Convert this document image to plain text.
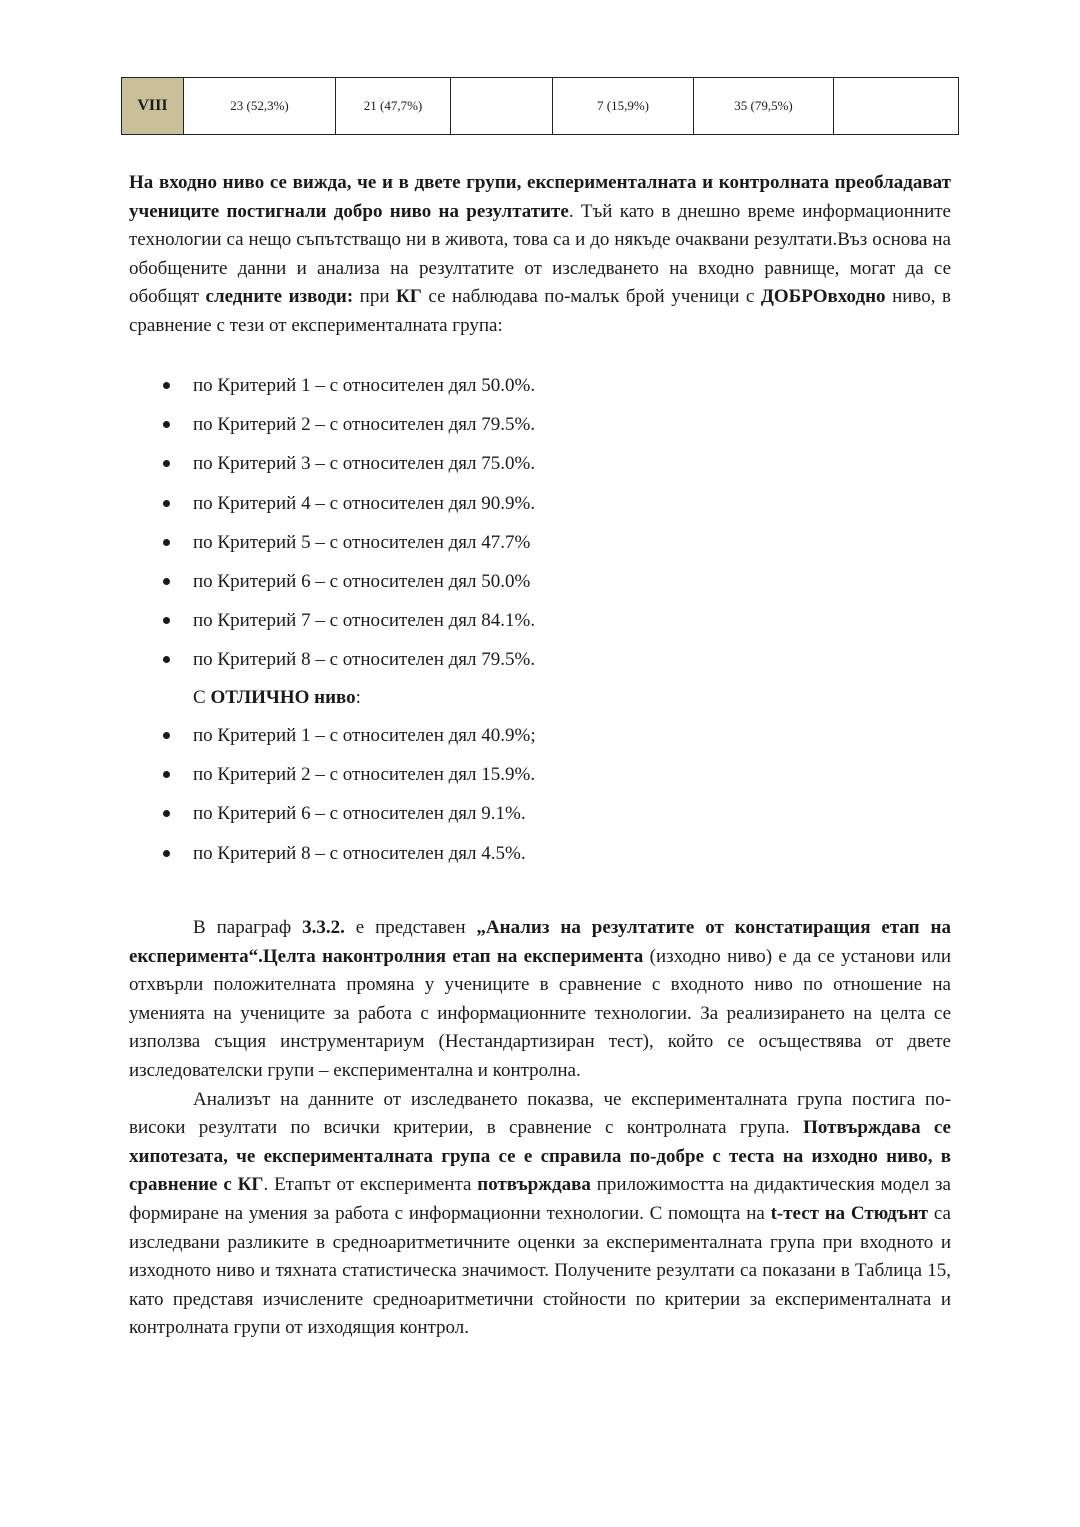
VIII	23 (52,3%)	21 (47,7%)		7 (15,9%)	35 (79,5%)	

На входно ниво се вижда, че и в двете групи, експерименталната и контролната преобладават учениците постигнали добро ниво на резултатите. Тъй като в днешно време информационните технологии са нещо съпътстващо ни в живота, това са и до някъде очаквани резултати.Въз основа на обобщените данни и анализа на резултатите от изследването на входно равнище, могат да се обобщят следните изводи: при КГ се наблюдава по-малък брой ученици с ДОБРОвходно ниво, в сравнение с тези от експерименталната група:

по Критерий 1 – с относителен дял 50.0%.
по Критерий 2 – с относителен дял 79.5%.
по Критерий 3 – с относителен дял 75.0%.
по Критерий 4 – с относителен дял 90.9%.
по Критерий 5 – с относителен дял 47.7%
по Критерий 6 – с относителен дял 50.0%
по Критерий 7 – с относителен дял 84.1%.
по Критерий 8 – с относителен дял 79.5%.
С ОТЛИЧНО ниво:
по Критерий 1 – с относителен дял 40.9%;
по Критерий 2 – с относителен дял 15.9%.
по Критерий 6 – с относителен дял 9.1%.
по Критерий 8 – с относителен дял 4.5%.

В параграф 3.3.2. е представен „Анализ на резултатите от констатиращия етап на експеримента“.Целта наконтролния етап на експеримента (изходно ниво) е да се установи или отхвърли положителната промяна у учениците в сравнение с входното ниво по отношение на уменията на учениците за работа с информационните технологии. За реализирането на целта се използва същия инструментариум (Нестандартизиран тест), който се осъществява от двете изследователски групи – експериментална и контролна.

Анализът на данните от изследването показва, че експерименталната група постига по-високи резултати по всички критерии, в сравнение с контролната група. Потвърждава се хипотезата, че експерименталната група се е справила по-добре с теста на изходно ниво, в сравнение с КГ. Етапът от експеримента потвърждава приложимостта на дидактическия модел за формиране на умения за работа с информационни технологии. С помощта на t-тест на Стюдънт са изследвани разликите в средноаритметичните оценки за експерименталната група при входното и изходното ниво и тяхната статистическа значимост. Получените резултати са показани в Таблица 15, като представя изчислените средноаритметични стойности по критерии за експерименталната и контролната групи от изходящия контрол.
